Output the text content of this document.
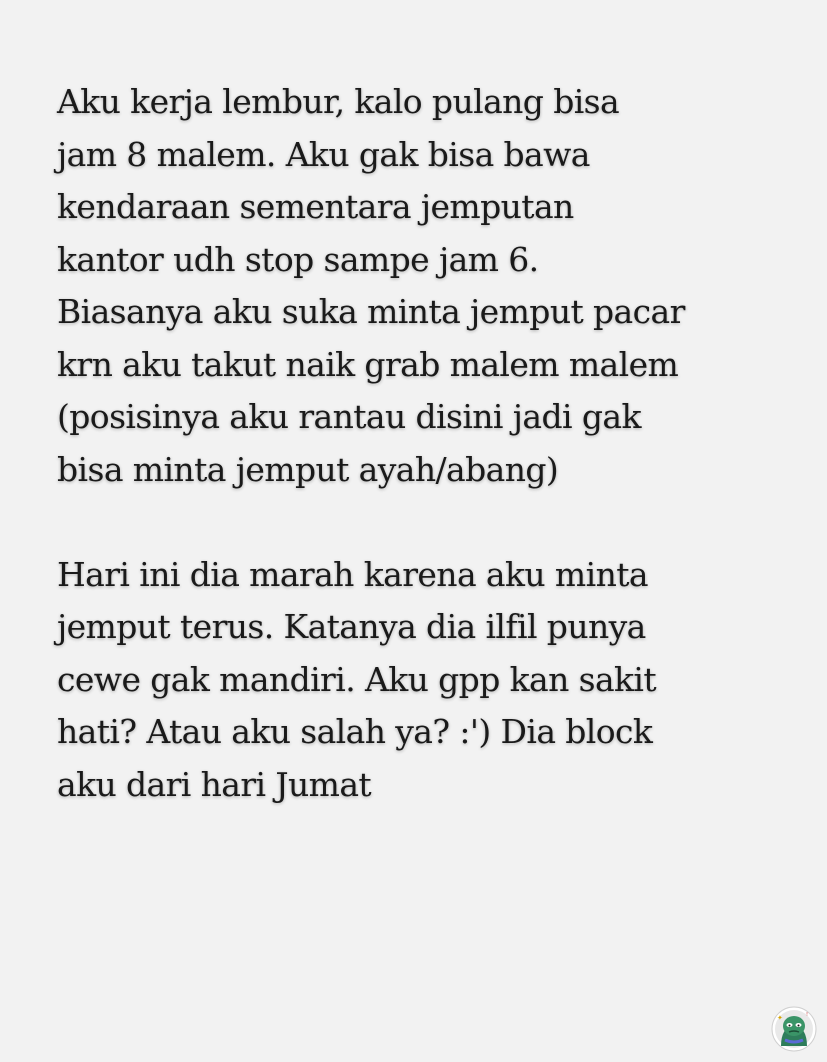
Aku kerja lembur, kalo pulang bisa
jam 8 malem. Aku gak bisa bawa
kendaraan sementara jemputan
kantor udh stop sampe jam 6.
Biasanya aku suka minta jemput pacar
krn aku takut naik grab malem malem
(posisinya aku rantau disini jadi gak
bisa minta jemput ayah/abang)
Hari ini dia marah karena aku minta
jemput terus. Katanya dia ilfil punya
cewe gak mandiri. Aku gpp kan sakit
hati? Atau aku salah ya? :') Dia block
aku dari hari Jumat
✦	!
